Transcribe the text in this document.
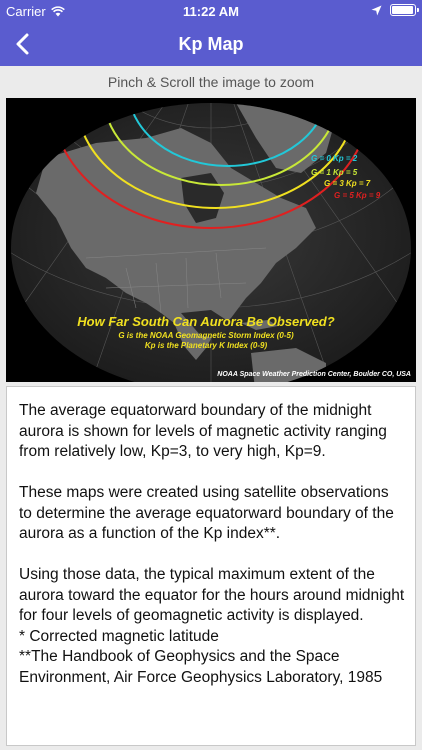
Carrier	11:22 AM
Kp Map
Pinch & Scroll the image to zoom
G = 0 Kp = 2
G = 1 Kp = 5
G = 3 Kp = 7
G = 5 Kp = 9
How Far South Can Aurora Be Observed?
G is the NOAA Geomagnetic Storm Index (0-5)
Kp is the Planetary K Index (0-9)
NOAA Space Weather Prediction Center, Boulder CO, USA

The average equatorward boundary of the midnight aurora is shown for levels of magnetic activity ranging from relatively low, Kp=3, to very high, Kp=9.

These maps were created using satellite observations to determine the average equatorward boundary of the aurora as a function of the Kp index**.

Using those data, the typical maximum extent of the aurora toward the equator for the hours around midnight for four levels of geomagnetic activity is displayed.

* Corrected magnetic latitude

**The Handbook of Geophysics and the Space Environment, Air Force Geophysics Laboratory, 1985
